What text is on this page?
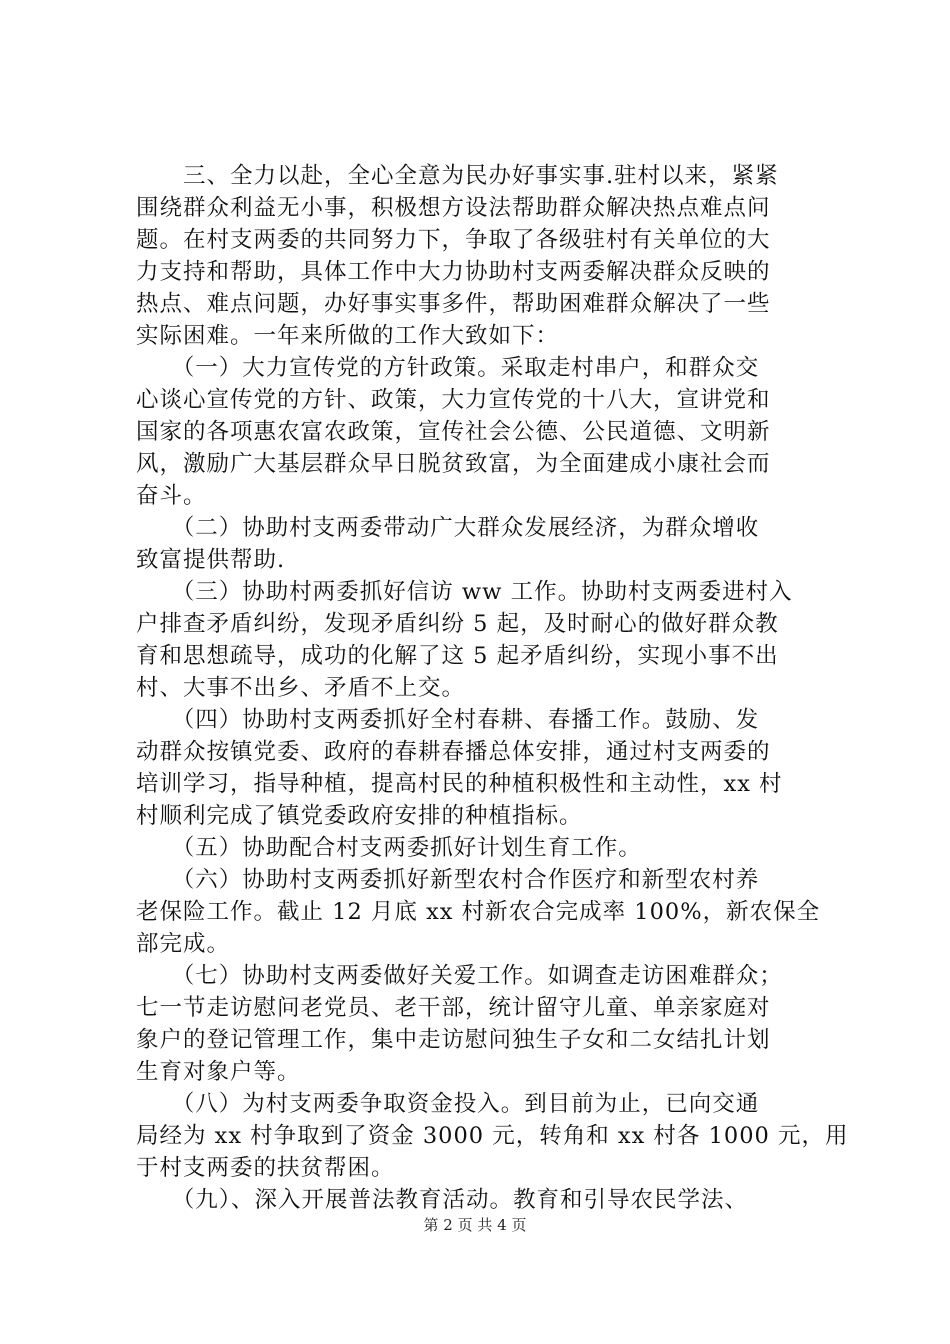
　　三、全力以赴，全心全意为民办好事实事.驻村以来，紧紧
围绕群众利益无小事，积极想方设法帮助群众解决热点难点问
题。在村支两委的共同努力下，争取了各级驻村有关单位的大
力支持和帮助，具体工作中大力协助村支两委解决群众反映的
热点、难点问题，办好事实事多件，帮助困难群众解决了一些
实际困难。一年来所做的工作大致如下：
　　（一）大力宣传党的方针政策。采取走村串户，和群众交
心谈心宣传党的方针、政策，大力宣传党的十八大，宣讲党和
国家的各项惠农富农政策，宣传社会公德、公民道德、文明新
风，激励广大基层群众早日脱贫致富，为全面建成小康社会而
奋斗。
　　（二）协助村支两委带动广大群众发展经济，为群众增收
致富提供帮助.
　　（三）协助村两委抓好信访 ww 工作。协助村支两委进村入
户排查矛盾纠纷，发现矛盾纠纷 5 起，及时耐心的做好群众教
育和思想疏导，成功的化解了这 5 起矛盾纠纷，实现小事不出
村、大事不出乡、矛盾不上交。
　　（四）协助村支两委抓好全村春耕、春播工作。鼓励、发
动群众按镇党委、政府的春耕春播总体安排，通过村支两委的
培训学习，指导种植，提高村民的种植积极性和主动性，xx 村
村顺利完成了镇党委政府安排的种植指标。
　　（五）协助配合村支两委抓好计划生育工作。
　　（六）协助村支两委抓好新型农村合作医疗和新型农村养
老保险工作。截止 12 月底 xx 村新农合完成率 100%，新农保全
部完成。
　　（七）协助村支两委做好关爱工作。如调查走访困难群众；
七一节走访慰问老党员、老干部，统计留守儿童、单亲家庭对
象户的登记管理工作，集中走访慰问独生子女和二女结扎计划
生育对象户等。
　　（八）为村支两委争取资金投入。到目前为止，已向交通
局经为 xx 村争取到了资金 3000 元，转角和 xx 村各 1000 元，用
于村支两委的扶贫帮困。
　　（九）、深入开展普法教育活动。教育和引导农民学法、
第 2 页 共 4 页
